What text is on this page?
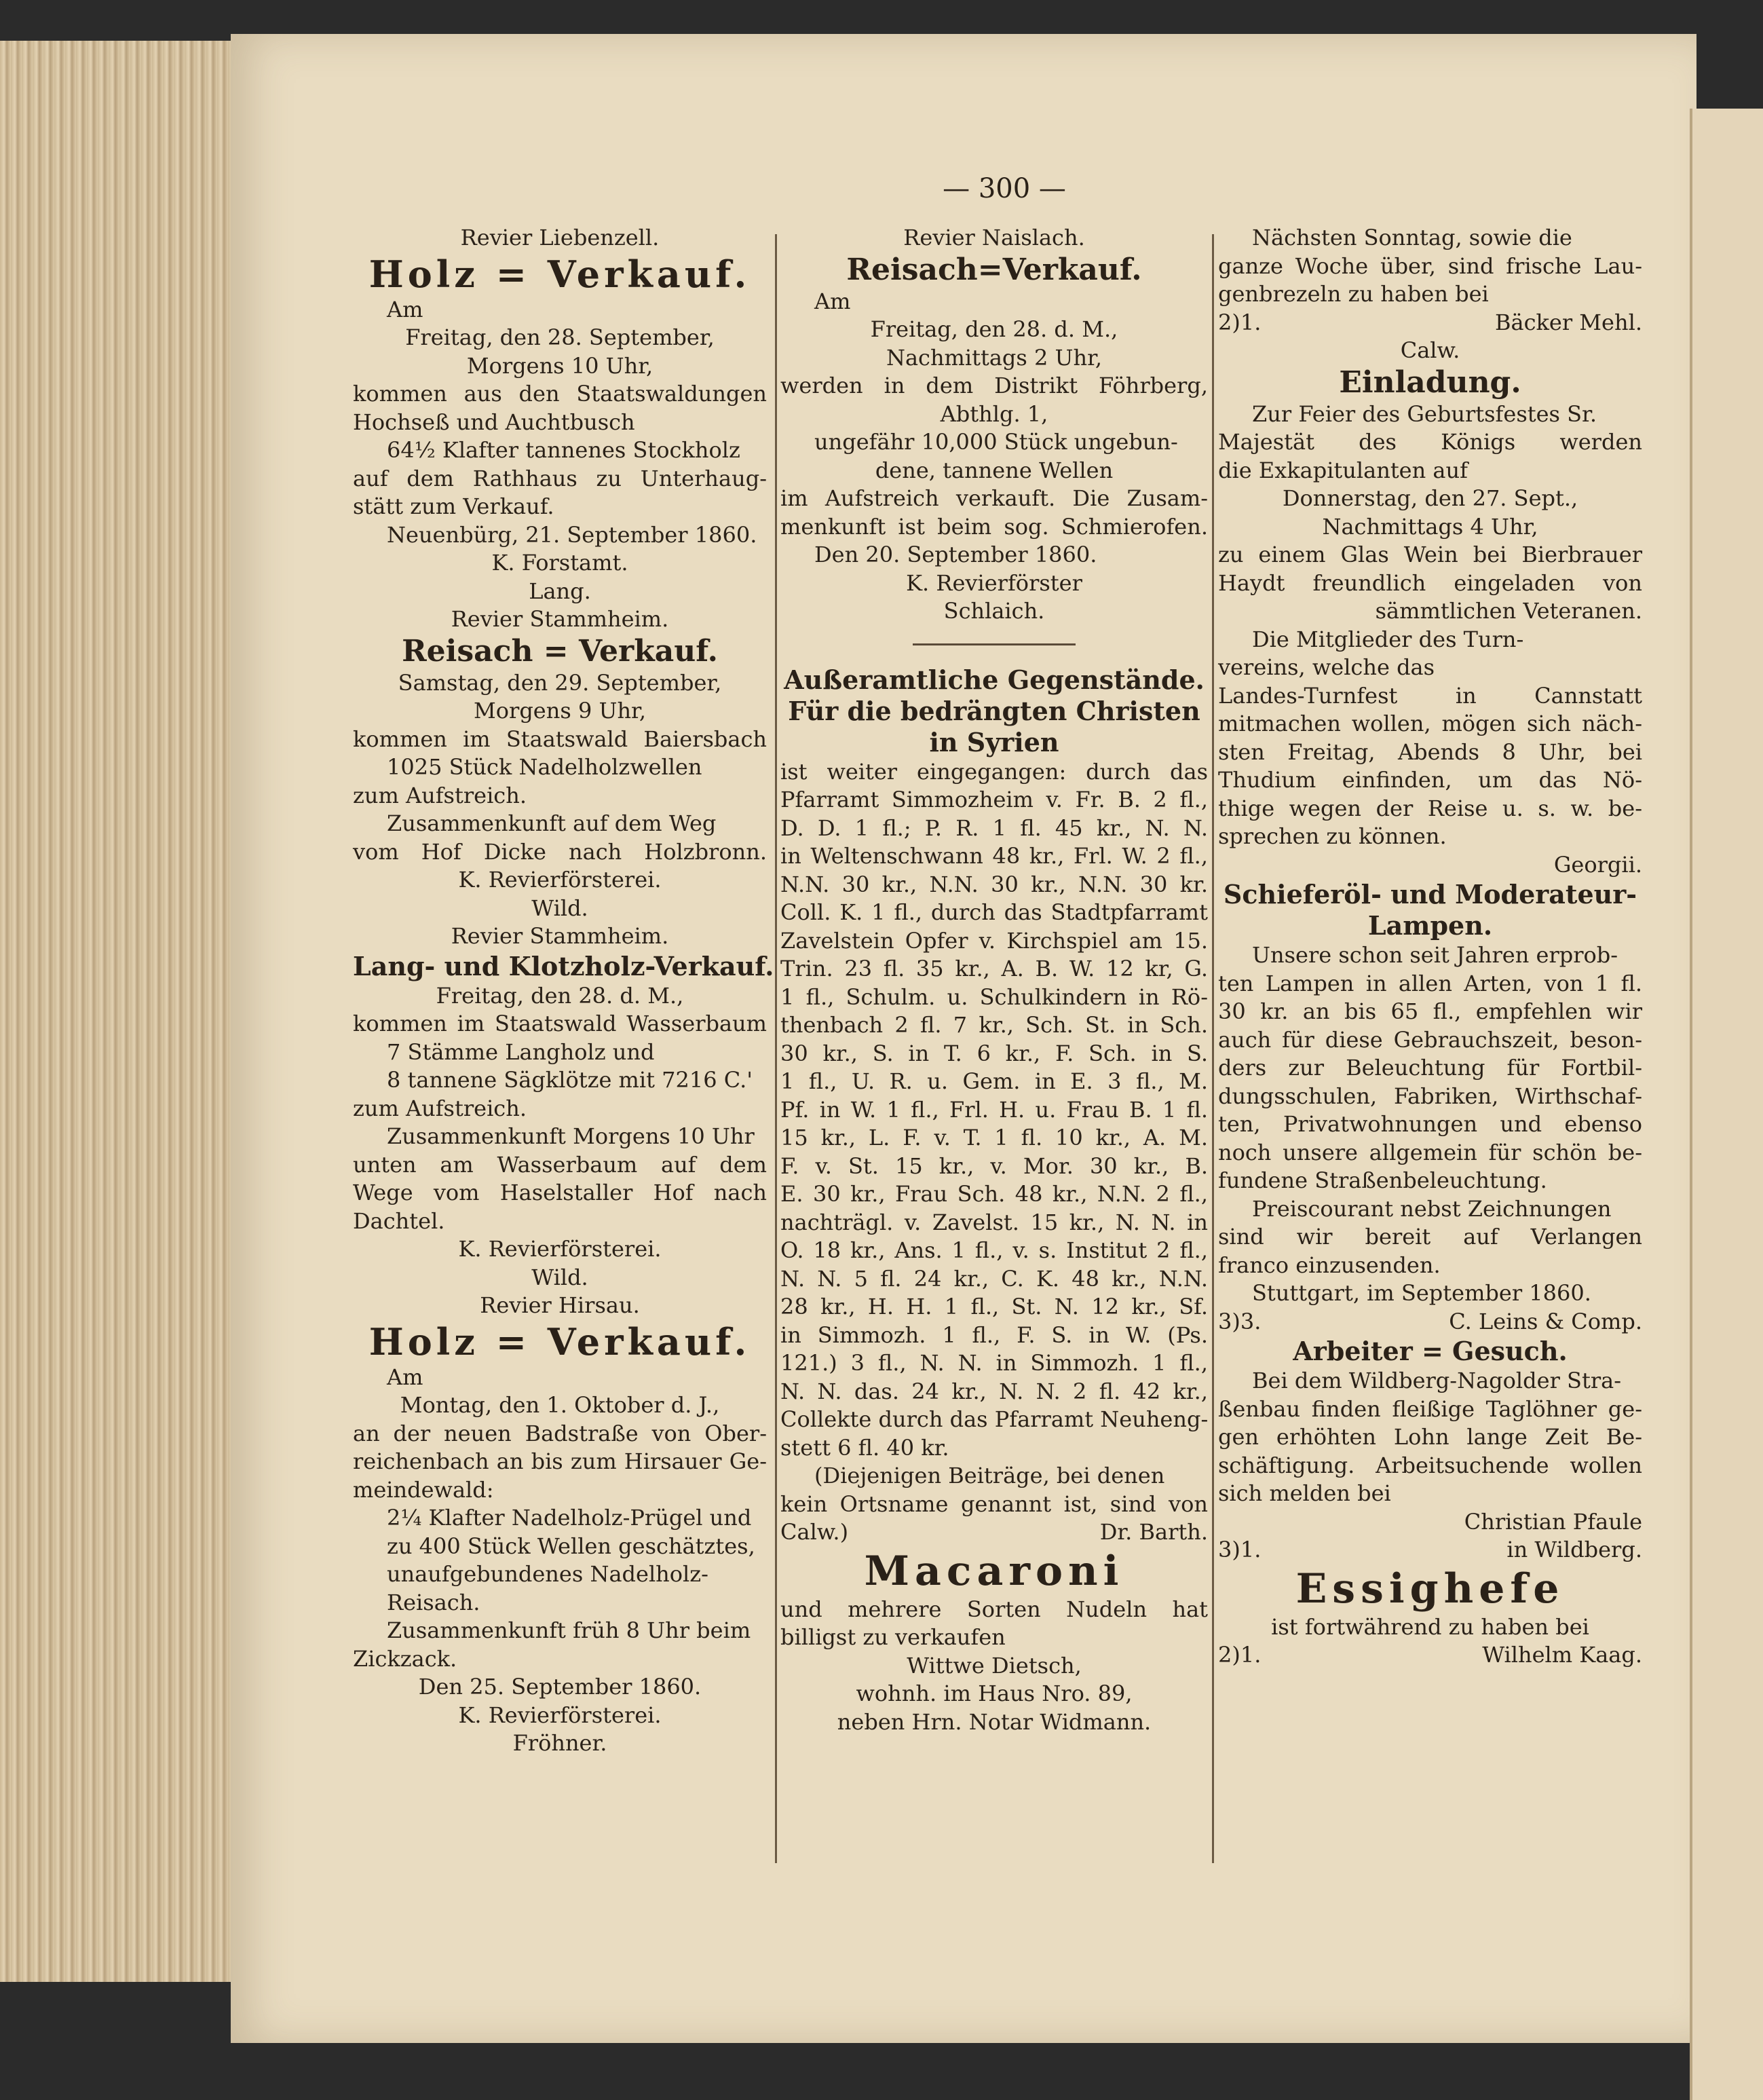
— 300 —
Revier Liebenzell.
Holz = Verkauf.
Am
Freitag, den 28. September,
Morgens 10 Uhr,
kommen aus den Staatswaldungen
Hochseß und Auchtbusch
64½ Klafter tannenes Stockholz
auf dem Rathhaus zu Unterhaug-
stätt zum Verkauf.
Neuenbürg, 21. September 1860.
K. Forstamt.
Lang.
Revier Stammheim.
Reisach = Verkauf.
Samstag, den 29. September,
Morgens 9 Uhr,
kommen im Staatswald Baiersbach
1025 Stück Nadelholzwellen
zum Aufstreich.
Zusammenkunft auf dem Weg
vom Hof Dicke nach Holzbronn.
K. Revierförsterei.
Wild.
Revier Stammheim.
Lang- und Klotzholz-Verkauf.
Freitag, den 28. d. M.,
kommen im Staatswald Wasserbaum
7 Stämme Langholz und
8 tannene Sägklötze mit 7216 C.'
zum Aufstreich.
Zusammenkunft Morgens 10 Uhr
unten am Wasserbaum auf dem
Wege vom Haselstaller Hof nach
Dachtel.
K. Revierförsterei.
Wild.
Revier Hirsau.
Holz = Verkauf.
Am
Montag, den 1. Oktober d. J.,
an der neuen Badstraße von Ober-
reichenbach an bis zum Hirsauer Ge-
meindewald:
2¼ Klafter Nadelholz-Prügel und
zu 400 Stück Wellen geschätztes,
unaufgebundenes Nadelholz-
Reisach.
Zusammenkunft früh 8 Uhr beim
Zickzack.
Den 25. September 1860.
K. Revierförsterei.
Fröhner.
Revier Naislach.
Reisach=Verkauf.
Am
Freitag, den 28. d. M.,
Nachmittags 2 Uhr,
werden in dem Distrikt Föhrberg,
Abthlg. 1,
ungefähr 10,000 Stück ungebun-
dene, tannene Wellen
im Aufstreich verkauft. Die Zusam-
menkunft ist beim sog. Schmierofen.
Den 20. September 1860.
K. Revierförster
Schlaich.
Außeramtliche Gegenstände.
Für die bedrängten Christen
in Syrien
ist weiter eingegangen: durch das
Pfarramt Simmozheim v. Fr. B. 2 fl.,
D. D. 1 fl.; P. R. 1 fl. 45 kr., N. N.
in Weltenschwann 48 kr., Frl. W. 2 fl.,
N.N. 30 kr., N.N. 30 kr., N.N. 30 kr.
Coll. K. 1 fl., durch das Stadtpfarramt
Zavelstein Opfer v. Kirchspiel am 15.
Trin. 23 fl. 35 kr., A. B. W. 12 kr, G.
1 fl., Schulm. u. Schulkindern in Rö-
thenbach 2 fl. 7 kr., Sch. St. in Sch.
30 kr., S. in T. 6 kr., F. Sch. in S.
1 fl., U. R. u. Gem. in E. 3 fl., M.
Pf. in W. 1 fl., Frl. H. u. Frau B. 1 fl.
15 kr., L. F. v. T. 1 fl. 10 kr., A. M.
F. v. St. 15 kr., v. Mor. 30 kr., B.
E. 30 kr., Frau Sch. 48 kr., N.N. 2 fl.,
nachträgl. v. Zavelst. 15 kr., N. N. in
O. 18 kr., Ans. 1 fl., v. s. Institut 2 fl.,
N. N. 5 fl. 24 kr., C. K. 48 kr., N.N.
28 kr., H. H. 1 fl., St. N. 12 kr., Sf.
in Simmozh. 1 fl., F. S. in W. (Ps.
121.) 3 fl., N. N. in Simmozh. 1 fl.,
N. N. das. 24 kr., N. N. 2 fl. 42 kr.,
Collekte durch das Pfarramt Neuheng-
stett 6 fl. 40 kr.
(Diejenigen Beiträge, bei denen
kein Ortsname genannt ist, sind von
Calw.)	Dr. Barth.
Macaroni
und mehrere Sorten Nudeln hat
billigst zu verkaufen
Wittwe Dietsch,
wohnh. im Haus Nro. 89,
neben Hrn. Notar Widmann.
Nächsten Sonntag, sowie die
ganze Woche über, sind frische Lau-
genbrezeln zu haben bei
2)1.	Bäcker Mehl.
Calw.
Einladung.
Zur Feier des Geburtsfestes Sr.
Majestät des Königs werden
die Exkapitulanten auf
Donnerstag, den 27. Sept.,
Nachmittags 4 Uhr,
zu einem Glas Wein bei Bierbrauer
Haydt freundlich eingeladen von
sämmtlichen Veteranen.
Die Mitglieder des Turn-
vereins, welche das
Landes-Turnfest in Cannstatt
mitmachen wollen, mögen sich näch-
sten Freitag, Abends 8 Uhr, bei
Thudium einfinden, um das Nö-
thige wegen der Reise u. s. w. be-
sprechen zu können.
Georgii.
Schieferöl- und Moderateur-
Lampen.
Unsere schon seit Jahren erprob-
ten Lampen in allen Arten, von 1 fl.
30 kr. an bis 65 fl., empfehlen wir
auch für diese Gebrauchszeit, beson-
ders zur Beleuchtung für Fortbil-
dungsschulen, Fabriken, Wirthschaf-
ten, Privatwohnungen und ebenso
noch unsere allgemein für schön be-
fundene Straßenbeleuchtung.
Preiscourant nebst Zeichnungen
sind wir bereit auf Verlangen
franco einzusenden.
Stuttgart, im September 1860.
3)3.	C. Leins & Comp.
Arbeiter = Gesuch.
Bei dem Wildberg-Nagolder Stra-
ßenbau finden fleißige Taglöhner ge-
gen erhöhten Lohn lange Zeit Be-
schäftigung. Arbeitsuchende wollen
sich melden bei
Christian Pfaule
3)1.	in Wildberg.
Essighefe
ist fortwährend zu haben bei
2)1.	Wilhelm Kaag.
